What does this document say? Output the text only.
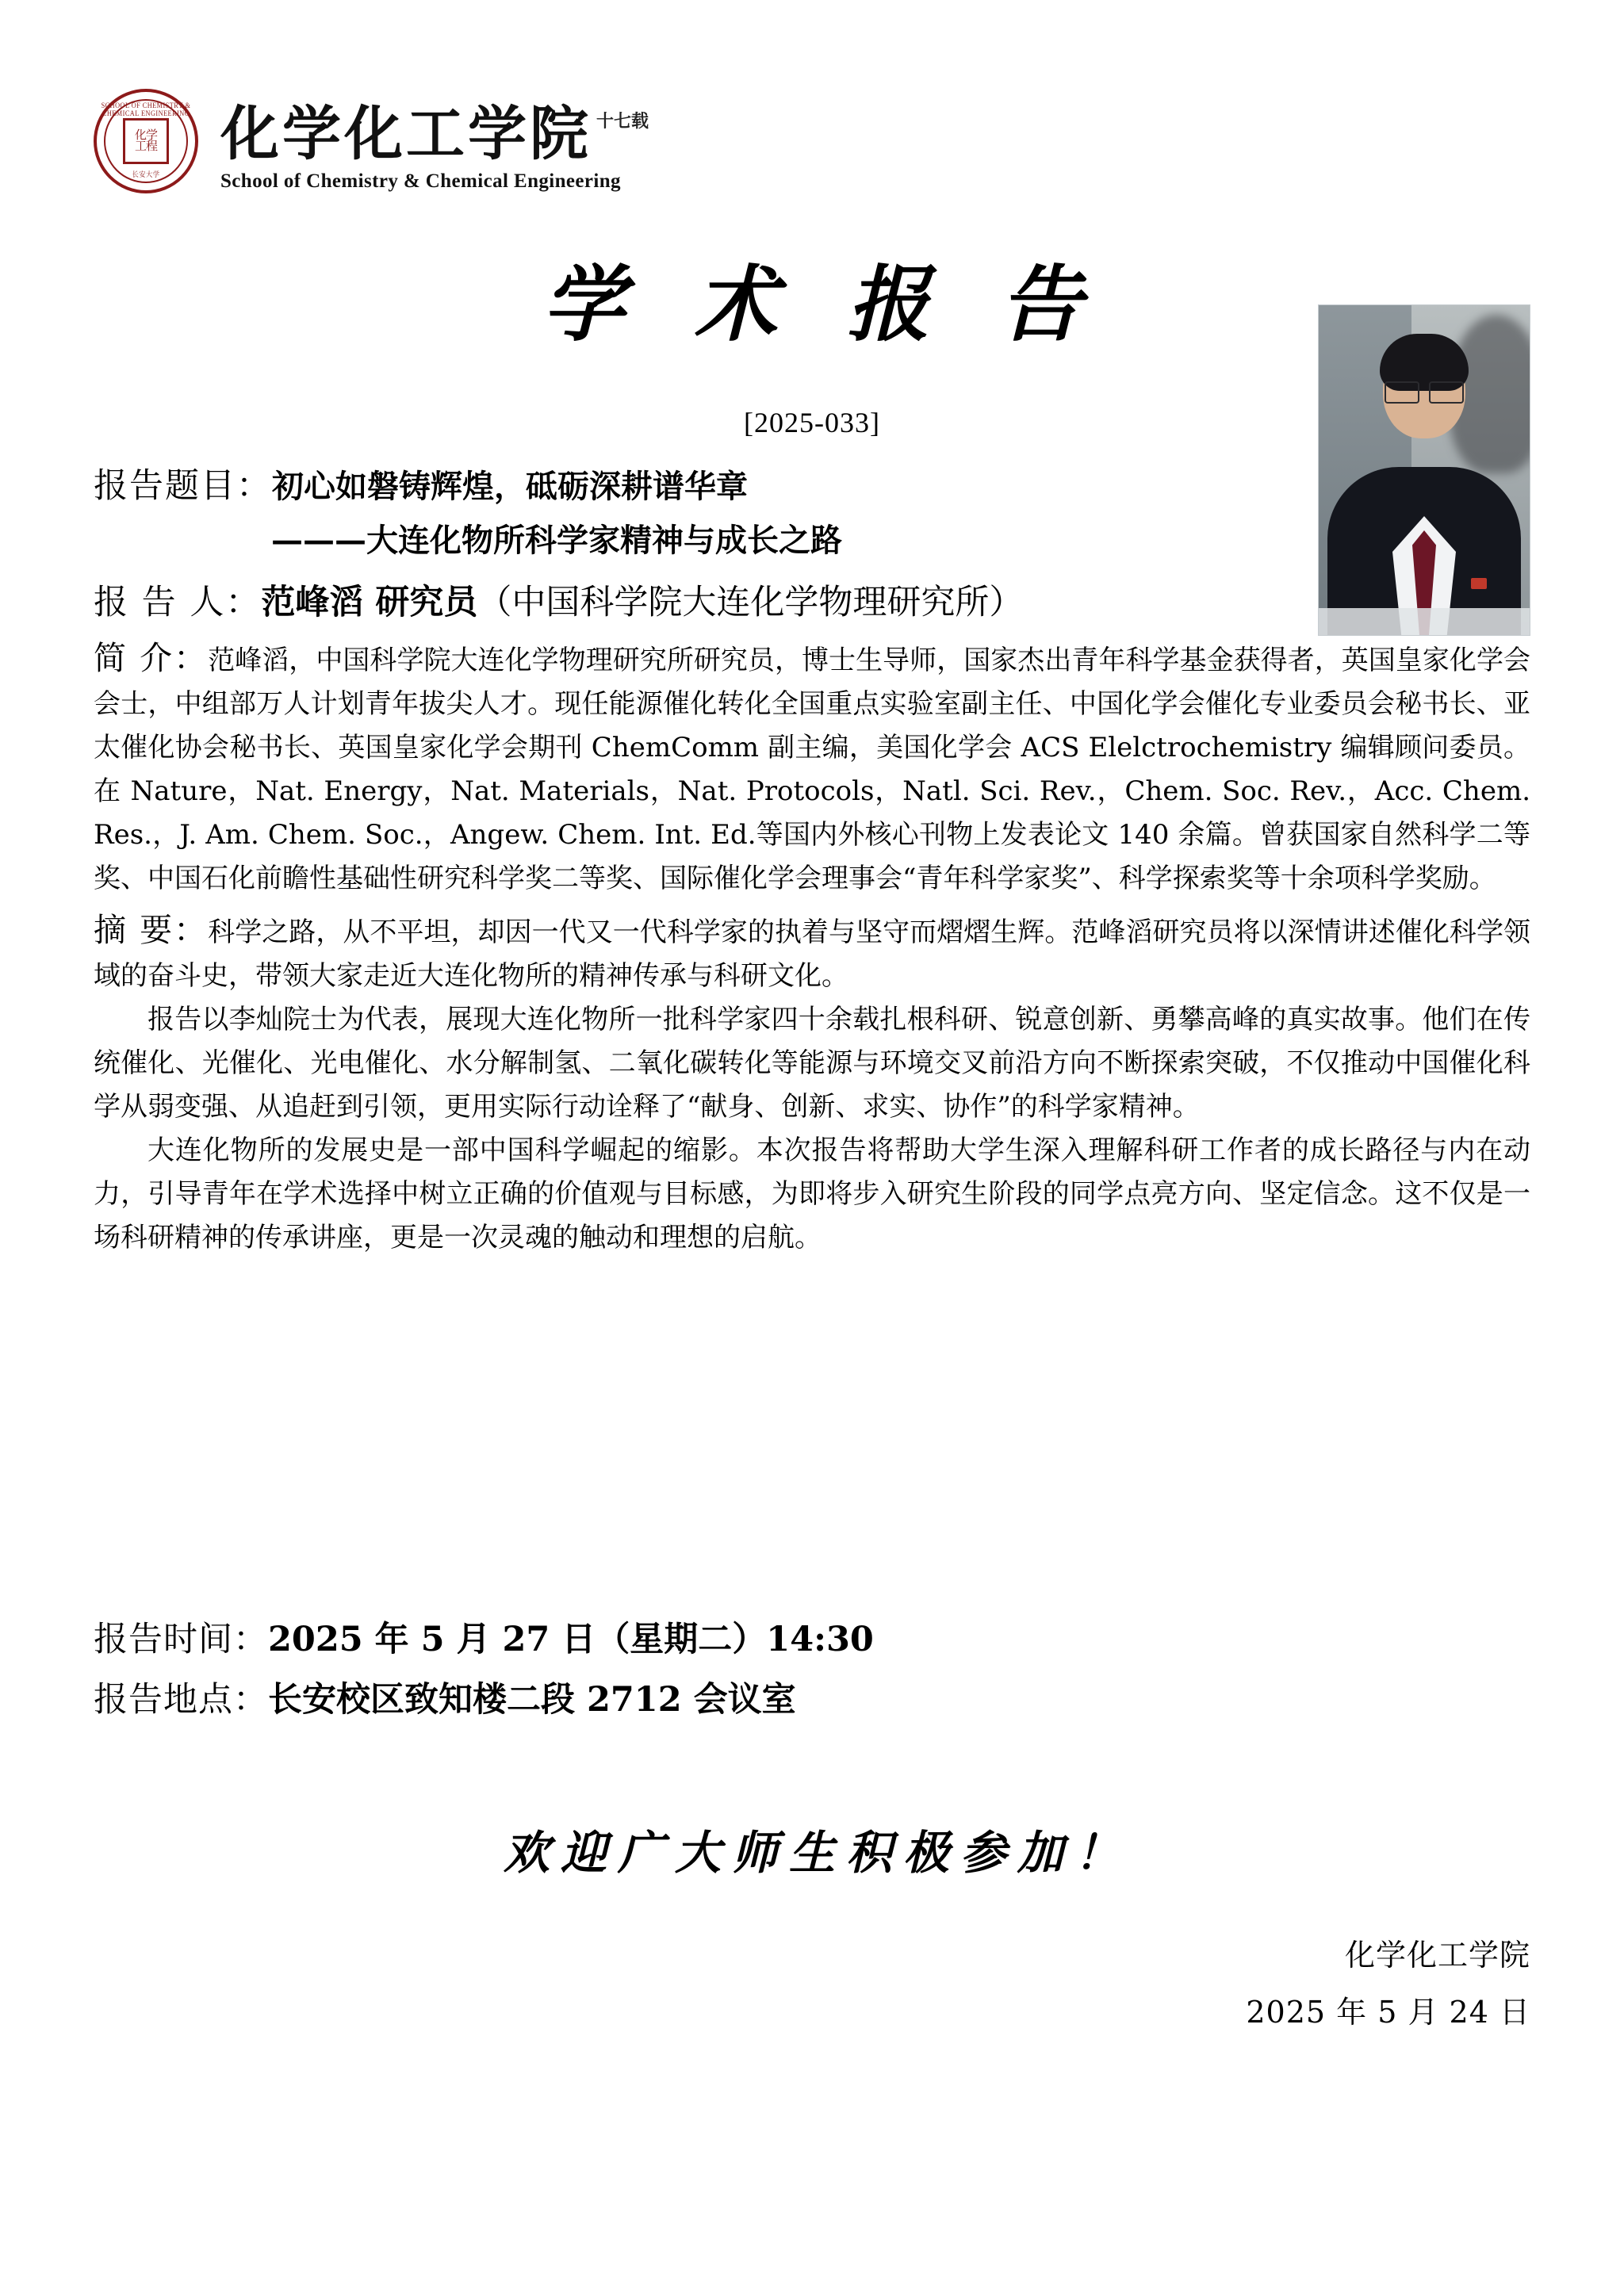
SCHOOL OF CHEMISTRY & CHEMICAL ENGINEERING
化学
工程
长安大学
化学化工学院 $^{十七载}$
School of Chemistry & Chemical Engineering
学 术 报 告
[2025-033]
报告题目：初心如磐铸辉煌，砥砺深耕谱华章
———大连化物所科学家精神与成长之路
报 告 人：范峰滔 研究员（中国科学院大连化学物理研究所）
简 介：范峰滔，中国科学院大连化学物理研究所研究员，博士生导师，国家杰出青年科学基金获得者，英国皇家化学会会士，中组部万人计划青年拔尖人才。现任能源催化转化全国重点实验室副主任、中国化学会催化专业委员会秘书长、亚太催化协会秘书长、英国皇家化学会期刊 ChemComm 副主编，美国化学会 ACS Elelctrochemistry 编辑顾问委员。在 Nature，Nat. Energy，Nat. Materials，Nat. Protocols，Natl. Sci. Rev.，Chem. Soc. Rev.，Acc. Chem. Res.，J. Am. Chem. Soc.，Angew. Chem. Int. Ed.等国内外核心刊物上发表论文 140 余篇。曾获国家自然科学二等奖、中国石化前瞻性基础性研究科学奖二等奖、国际催化学会理事会“青年科学家奖”、科学探索奖等十余项科学奖励。
摘 要：科学之路，从不平坦，却因一代又一代科学家的执着与坚守而熠熠生辉。范峰滔研究员将以深情讲述催化科学领域的奋斗史，带领大家走近大连化物所的精神传承与科研文化。
报告以李灿院士为代表，展现大连化物所一批科学家四十余载扎根科研、锐意创新、勇攀高峰的真实故事。他们在传统催化、光催化、光电催化、水分解制氢、二氧化碳转化等能源与环境交叉前沿方向不断探索突破，不仅推动中国催化科学从弱变强、从追赶到引领，更用实际行动诠释了“献身、创新、求实、协作”的科学家精神。
大连化物所的发展史是一部中国科学崛起的缩影。本次报告将帮助大学生深入理解科研工作者的成长路径与内在动力，引导青年在学术选择中树立正确的价值观与目标感，为即将步入研究生阶段的同学点亮方向、坚定信念。这不仅是一场科研精神的传承讲座，更是一次灵魂的触动和理想的启航。
报告时间：2025 年 5 月 27 日（星期二）14:30
报告地点：长安校区致知楼二段 2712 会议室
欢迎广大师生积极参加！
化学化工学院
2025 年 5 月 24 日
